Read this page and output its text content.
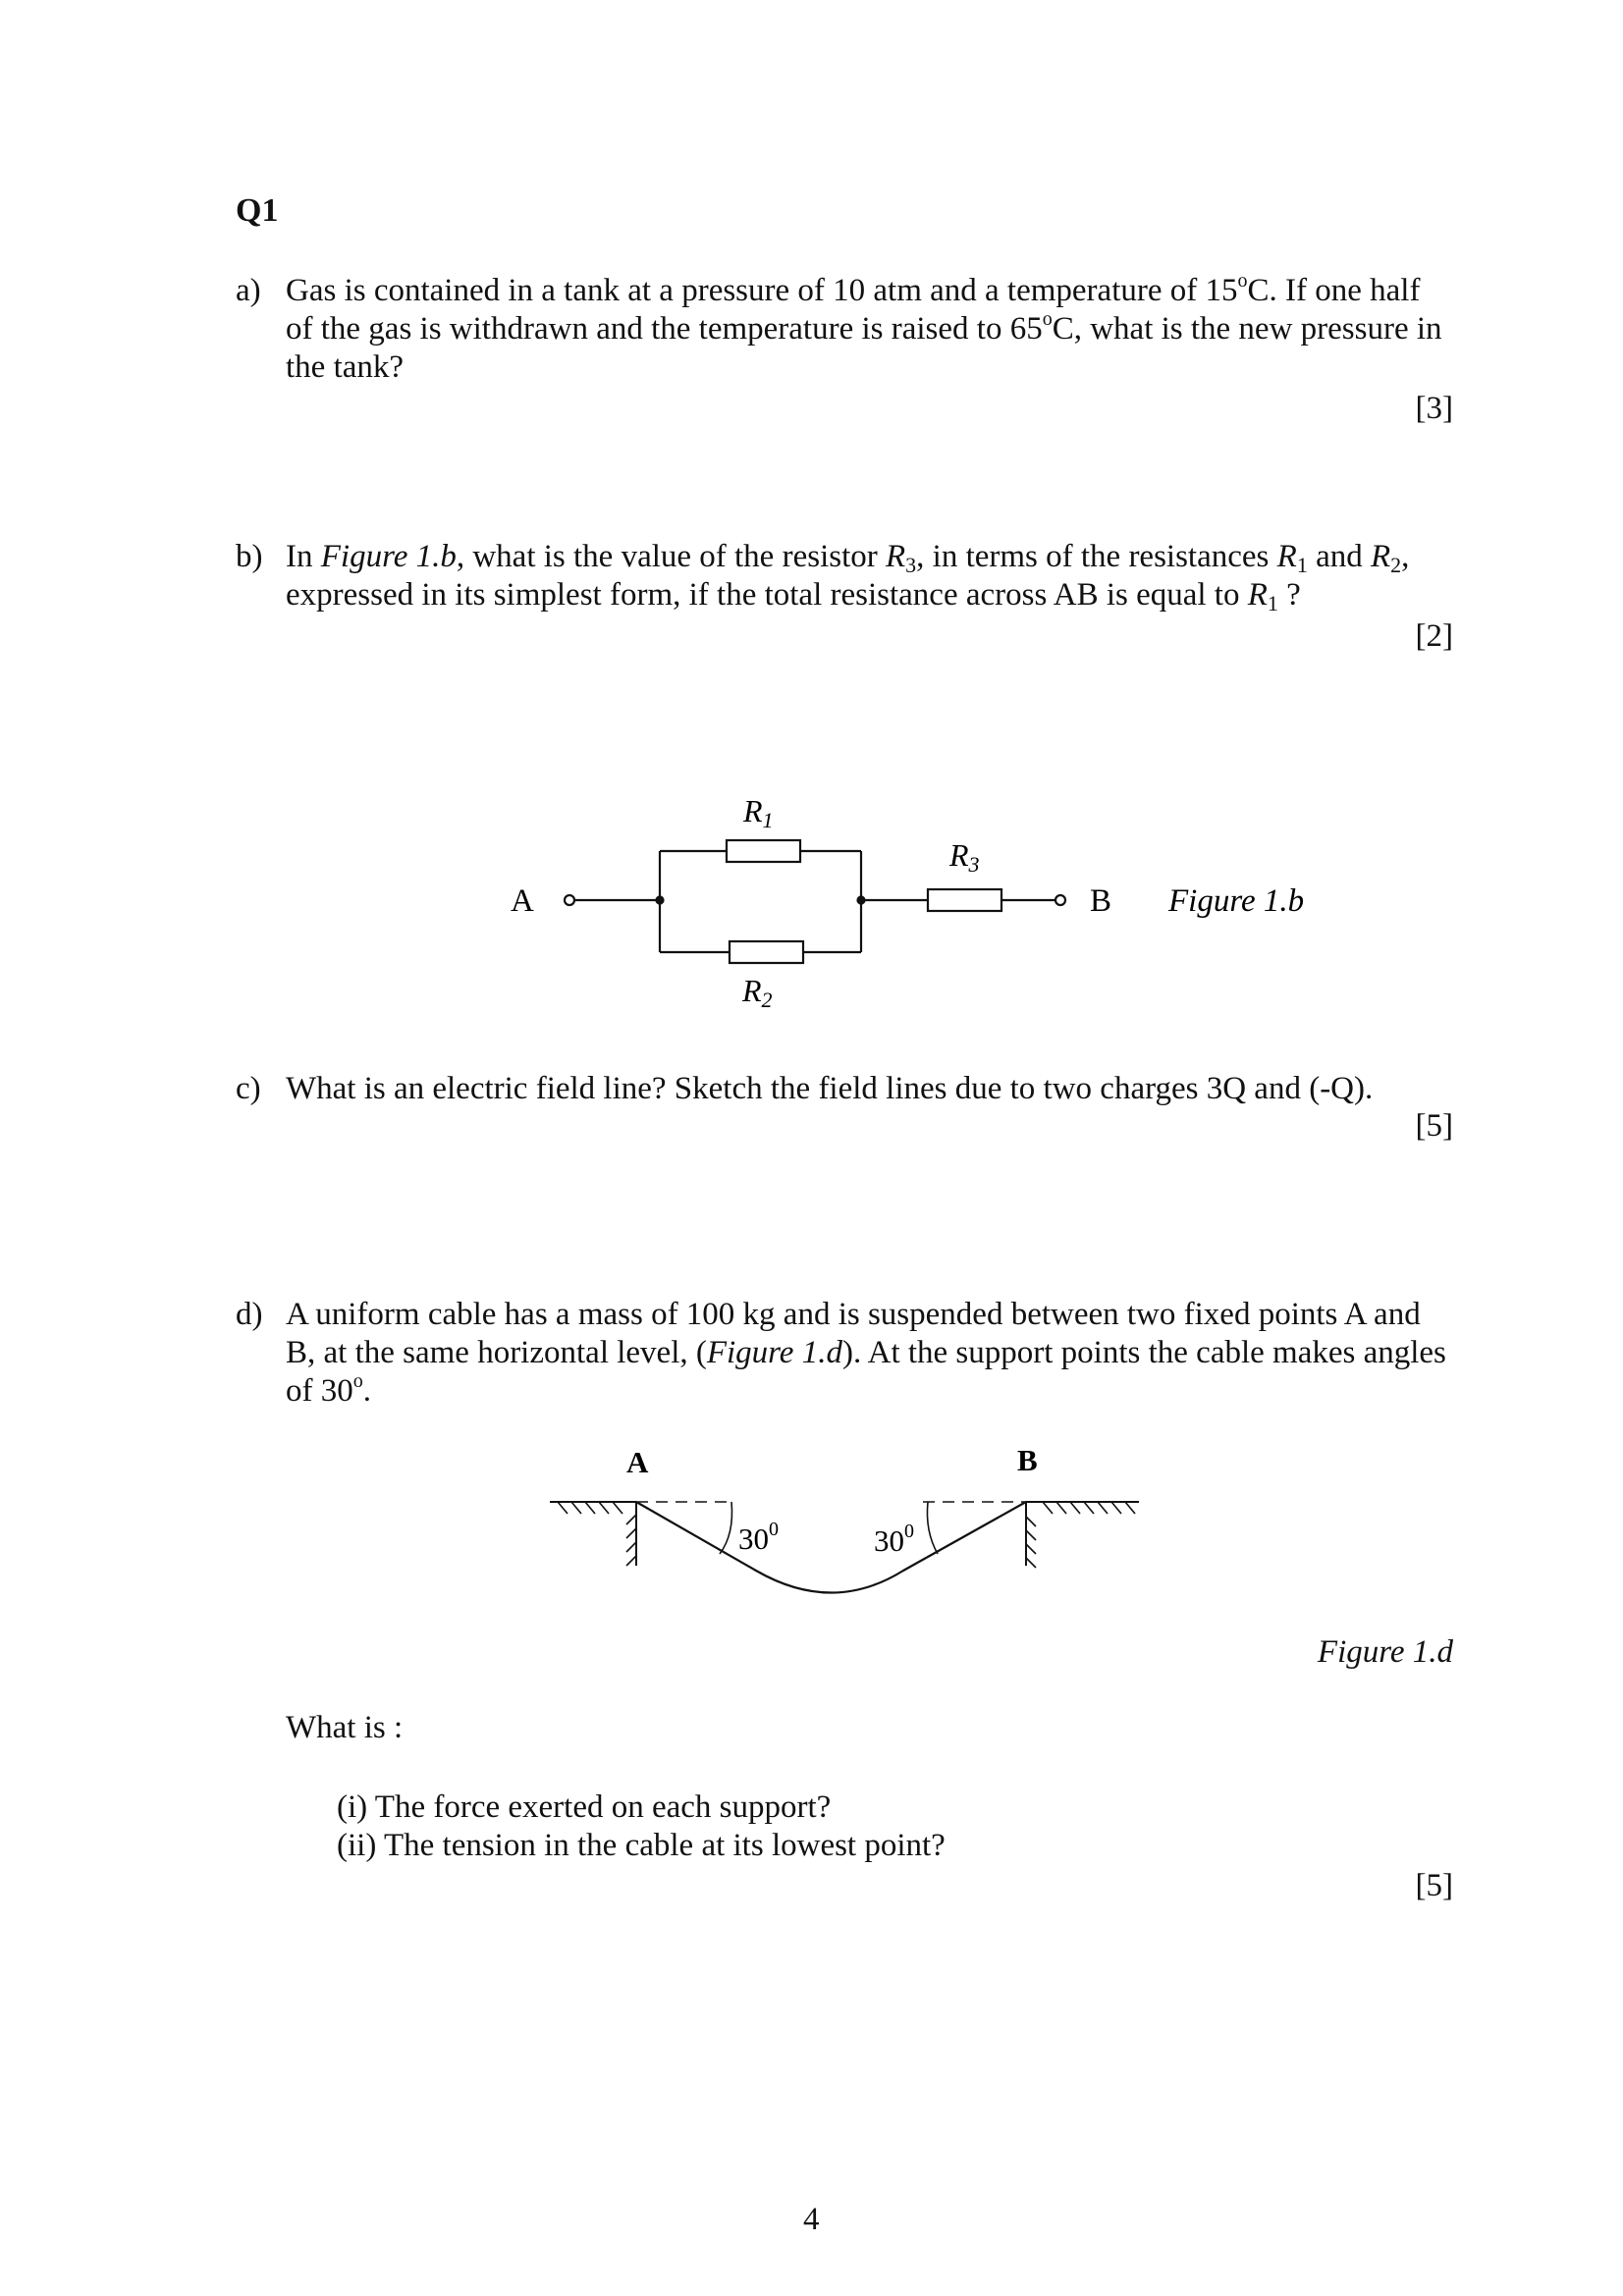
Q1
a) Gas is contained in a tank at a pressure of 10 atm and a temperature of 15$^o$C. If one half of the gas is withdrawn and the temperature is raised to 65$^o$C, what is the new pressure in the tank?
[3]
b) In Figure 1.b, what is the value of the resistor $R_3$, in terms of the resistances $R_1$ and $R_2$, expressed in its simplest form, if the total resistance across AB is equal to $R_1$ ?
[2]
A	B
R1
R2
R3
Figure 1.b
c) What is an electric field line? Sketch the field lines due to two charges 3Q and (-Q).
[5]
d) A uniform cable has a mass of 100 kg and is suspended between two fixed points A and B, at the same horizontal level, (Figure 1.d). At the support points the cable makes angles of 30$^o$.
A	B
$30^0$	$30^0$
Figure 1.d
What is :
(i) The force exerted on each support?
(ii) The tension in the cable at its lowest point?
[5]
4
